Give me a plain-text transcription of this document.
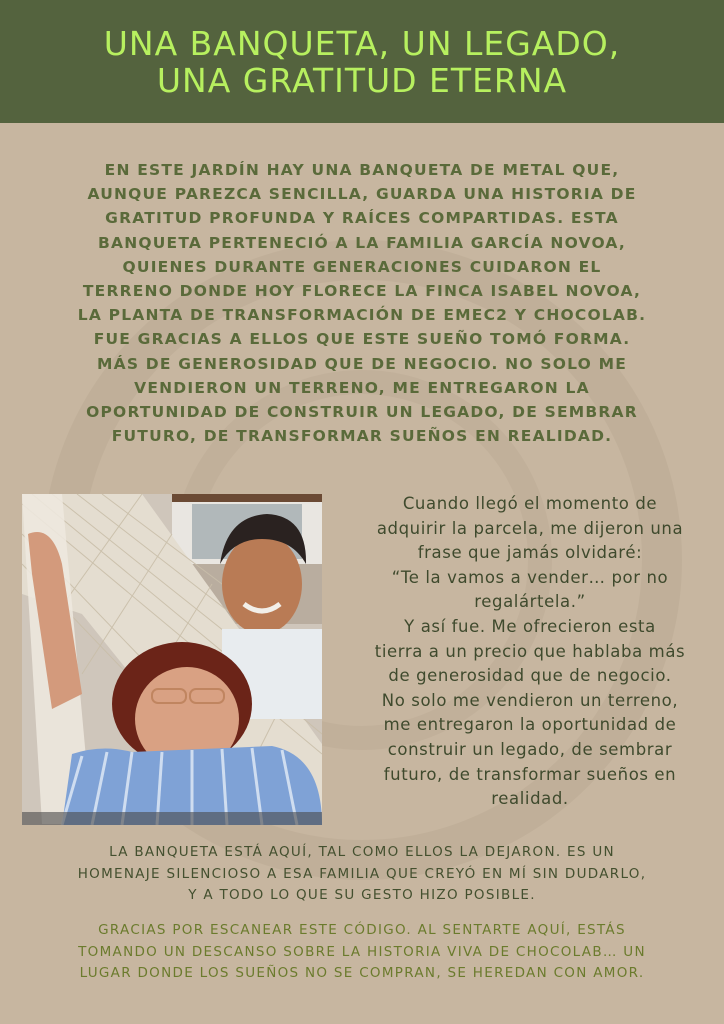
UNA BANQUETA, UN LEGADO,
UNA GRATITUD ETERNA
EN ESTE JARDÍN HAY UNA BANQUETA DE METAL QUE,
AUNQUE PAREZCA SENCILLA, GUARDA UNA HISTORIA DE
GRATITUD PROFUNDA Y RAÍCES COMPARTIDAS. ESTA
BANQUETA PERTENECIÓ A LA FAMILIA GARCÍA NOVOA,
QUIENES DURANTE GENERACIONES CUIDARON EL
TERRENO DONDE HOY FLORECE LA FINCA ISABEL NOVOA,
LA PLANTA DE TRANSFORMACIÓN DE EMEC2 Y CHOCOLAB.
FUE GRACIAS A ELLOS QUE ESTE SUEÑO TOMÓ FORMA.
MÁS DE GENEROSIDAD QUE DE NEGOCIO. NO SOLO ME
VENDIERON UN TERRENO, ME ENTREGARON LA
OPORTUNIDAD DE CONSTRUIR UN LEGADO, DE SEMBRAR
FUTURO, DE TRANSFORMAR SUEÑOS EN REALIDAD.
Cuando llegó el momento de
adquirir la parcela, me dijeron una
frase que jamás olvidaré:
“Te la vamos a vender… por no
regalártela.”
Y así fue. Me ofrecieron esta
tierra a un precio que hablaba más
de generosidad que de negocio.
No solo me vendieron un terreno,
me entregaron la oportunidad de
construir un legado, de sembrar
futuro, de transformar sueños en
realidad.
LA BANQUETA ESTÁ AQUÍ, TAL COMO ELLOS LA DEJARON. ES UN
HOMENAJE SILENCIOSO A ESA FAMILIA QUE CREYÓ EN MÍ SIN DUDARLO,
Y A TODO LO QUE SU GESTO HIZO POSIBLE.
GRACIAS POR ESCANEAR ESTE CÓDIGO. AL SENTARTE AQUÍ, ESTÁS
TOMANDO UN DESCANSO SOBRE LA HISTORIA VIVA DE CHOCOLAB… UN
LUGAR DONDE LOS SUEÑOS NO SE COMPRAN, SE HEREDAN CON AMOR.
